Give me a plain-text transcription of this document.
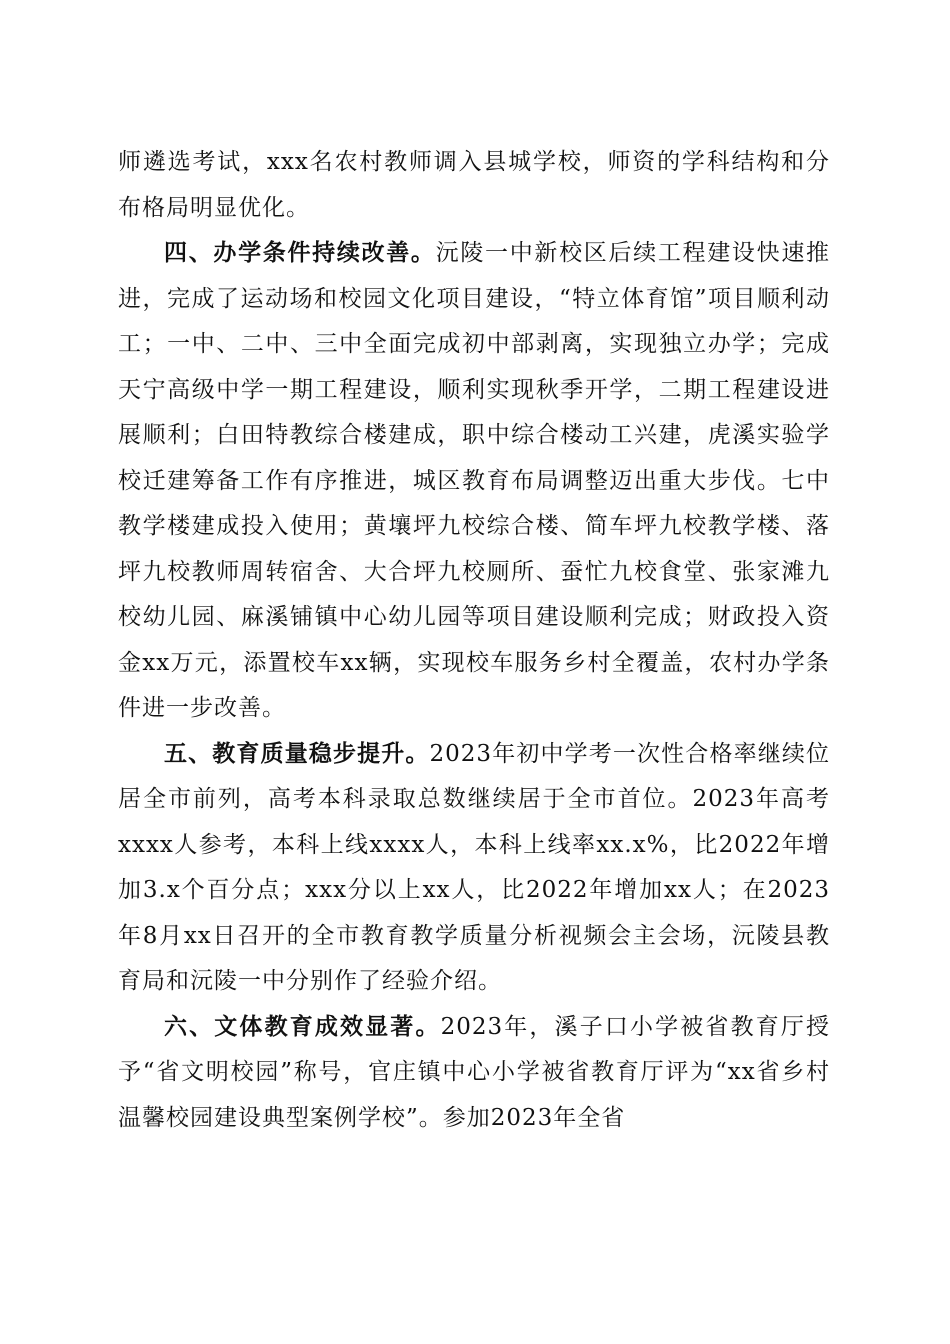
师遴选考试，xxx名农村教师调入县城学校，师资的学科结构和分布格局明显优化。

四、办学条件持续改善。沅陵一中新校区后续工程建设快速推进，完成了运动场和校园文化项目建设，“特立体育馆”项目顺利动工；一中、二中、三中全面完成初中部剥离，实现独立办学；完成天宁高级中学一期工程建设，顺利实现秋季开学，二期工程建设进展顺利；白田特教综合楼建成，职中综合楼动工兴建，虎溪实验学校迁建筹备工作有序推进，城区教育布局调整迈出重大步伐。七中教学楼建成投入使用；黄壤坪九校综合楼、简车坪九校教学楼、落坪九校教师周转宿舍、大合坪九校厕所、蚕忙九校食堂、张家滩九校幼儿园、麻溪铺镇中心幼儿园等项目建设顺利完成；财政投入资金xx万元，添置校车xx辆，实现校车服务乡村全覆盖，农村办学条件进一步改善。

五、教育质量稳步提升。2023年初中学考一次性合格率继续位居全市前列，高考本科录取总数继续居于全市首位。2023年高考xxxx人参考，本科上线xxxx人，本科上线率xx.x%，比2022年增加3.x个百分点；xxx分以上xx人，比2022年增加xx人；在2023年8月xx日召开的全市教育教学质量分析视频会主会场，沅陵县教育局和沅陵一中分别作了经验介绍。

六、文体教育成效显著。2023年，溪子口小学被省教育厅授予“省文明校园”称号，官庄镇中心小学被省教育厅评为“xx省乡村温馨校园建设典型案例学校”。参加2023年全省
